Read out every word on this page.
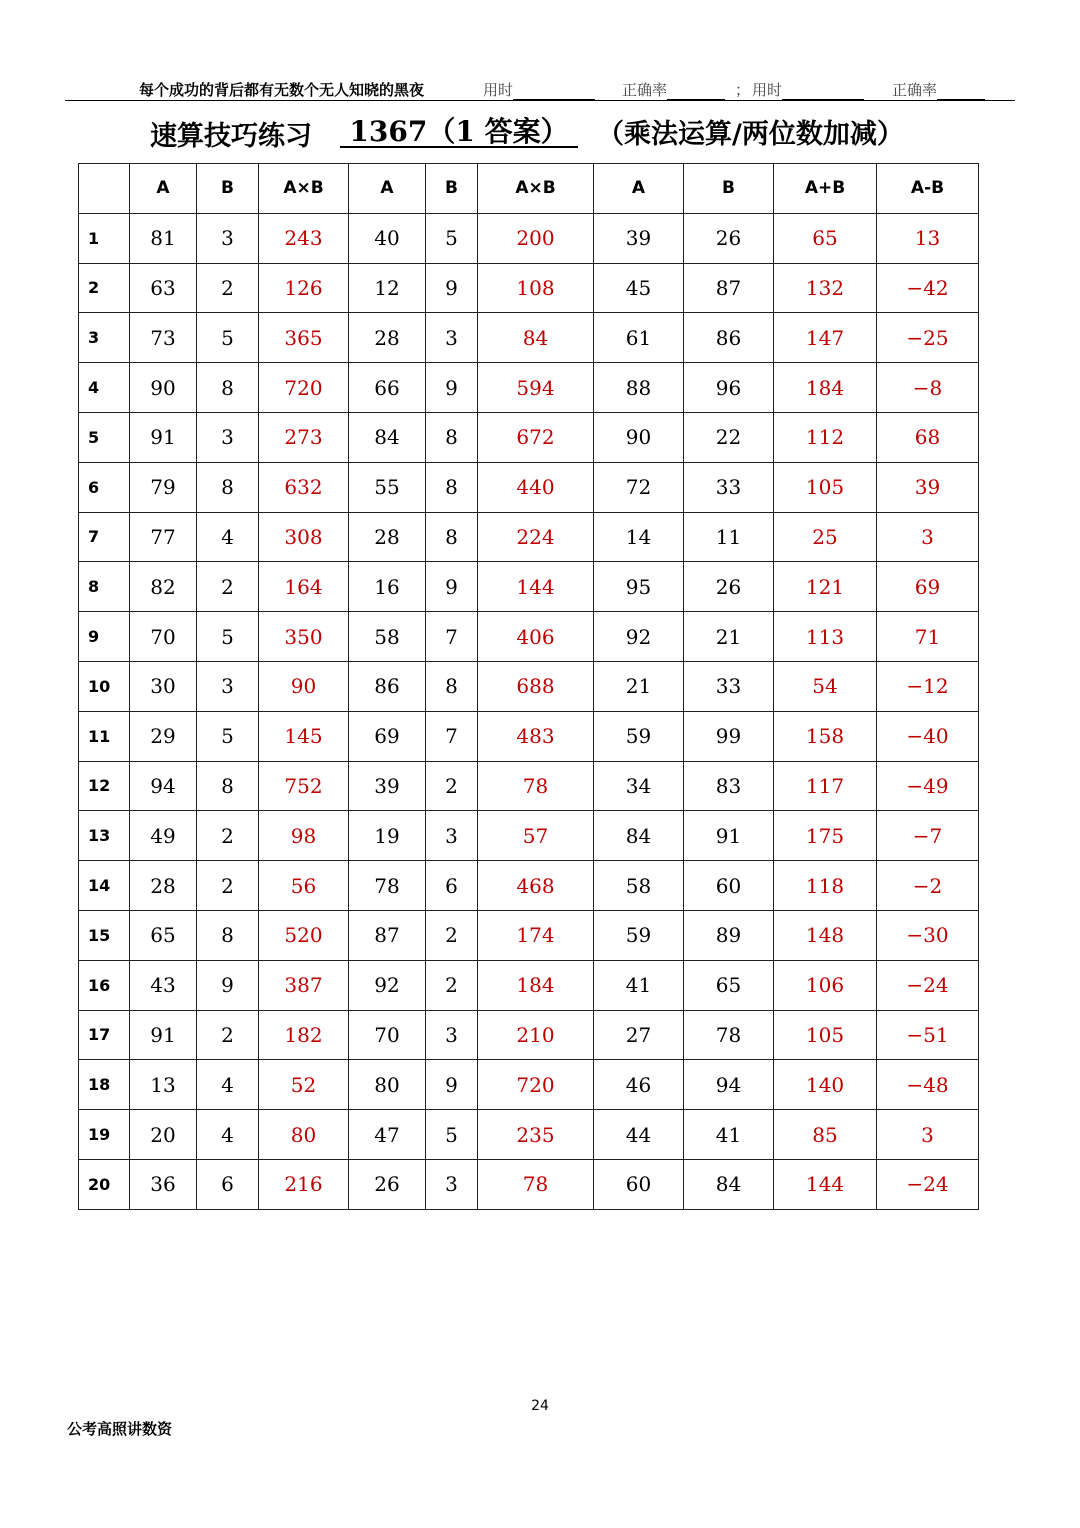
每个成功的背后都有无数个无人知晓的黑夜	用时	正确率	； 用时	正确率
速算技巧练习	1367（1 答案）	（乘法运算/两位数加减）
	A	B	A×B	A	B	A×B	A	B	A+B	A-B
1	81	3	243	40	5	200	39	26	65	13
2	63	2	126	12	9	108	45	87	132	−42
3	73	5	365	28	3	84	61	86	147	−25
4	90	8	720	66	9	594	88	96	184	−8
5	91	3	273	84	8	672	90	22	112	68
6	79	8	632	55	8	440	72	33	105	39
7	77	4	308	28	8	224	14	11	25	3
8	82	2	164	16	9	144	95	26	121	69
9	70	5	350	58	7	406	92	21	113	71
10	30	3	90	86	8	688	21	33	54	−12
11	29	5	145	69	7	483	59	99	158	−40
12	94	8	752	39	2	78	34	83	117	−49
13	49	2	98	19	3	57	84	91	175	−7
14	28	2	56	78	6	468	58	60	118	−2
15	65	8	520	87	2	174	59	89	148	−30
16	43	9	387	92	2	184	41	65	106	−24
17	91	2	182	70	3	210	27	78	105	−51
18	13	4	52	80	9	720	46	94	140	−48
19	20	4	80	47	5	235	44	41	85	3
20	36	6	216	26	3	78	60	84	144	−24
24
公考高照讲数资
